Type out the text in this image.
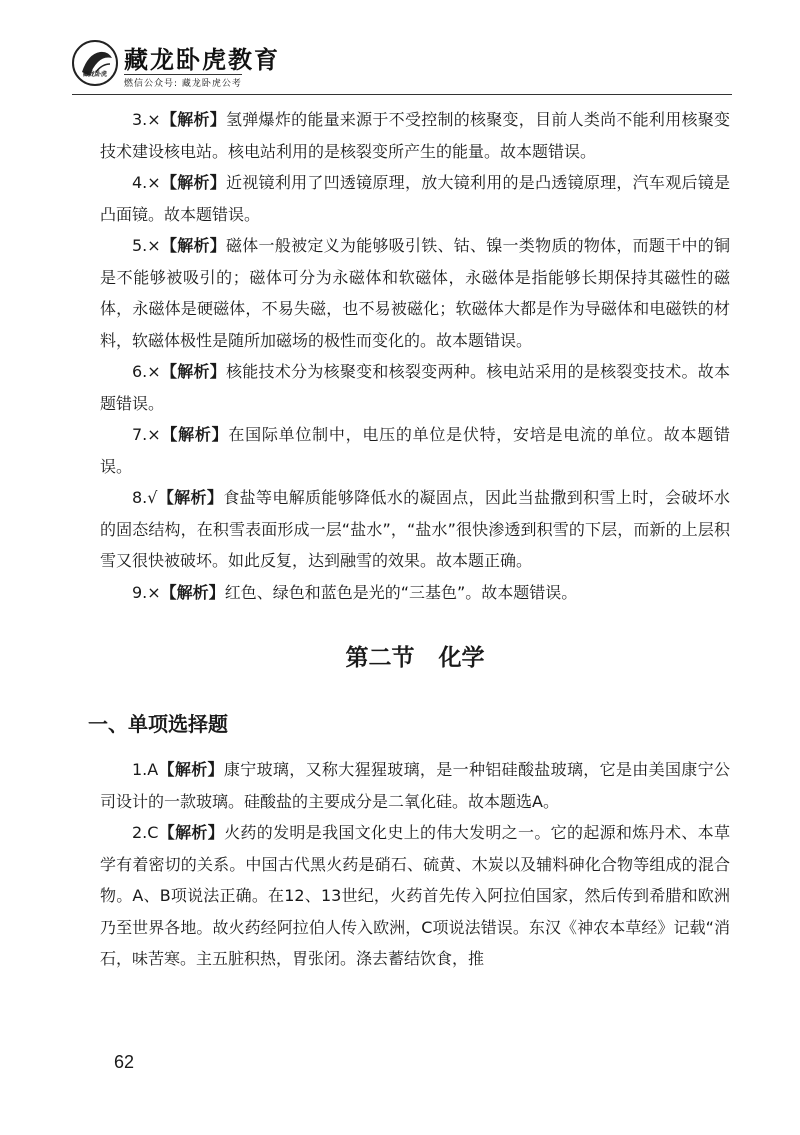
藏龙卧虎
藏龙卧虎教育
燃信公众号: 藏龙卧虎公考

3.×【解析】氢弹爆炸的能量来源于不受控制的核聚变，目前人类尚不能利用核聚变技术建设核电站。核电站利用的是核裂变所产生的能量。故本题错误。

4.×【解析】近视镜利用了凹透镜原理，放大镜利用的是凸透镜原理，汽车观后镜是凸面镜。故本题错误。

5.×【解析】磁体一般被定义为能够吸引铁、钴、镍一类物质的物体，而题干中的铜是不能够被吸引的；磁体可分为永磁体和软磁体，永磁体是指能够长期保持其磁性的磁体，永磁体是硬磁体，不易失磁，也不易被磁化；软磁体大都是作为导磁体和电磁铁的材料，软磁体极性是随所加磁场的极性而变化的。故本题错误。

6.×【解析】核能技术分为核聚变和核裂变两种。核电站采用的是核裂变技术。故本题错误。

7.×【解析】在国际单位制中，电压的单位是伏特，安培是电流的单位。故本题错误。

8.√【解析】食盐等电解质能够降低水的凝固点，因此当盐撒到积雪上时，会破坏水的固态结构，在积雪表面形成一层“盐水”，“盐水”很快渗透到积雪的下层，而新的上层积雪又很快被破坏。如此反复，达到融雪的效果。故本题正确。

9.×【解析】红色、绿色和蓝色是光的“三基色”。故本题错误。

第二节 化学
一、单项选择题

1.A【解析】康宁玻璃，又称大猩猩玻璃，是一种铝硅酸盐玻璃，它是由美国康宁公司设计的一款玻璃。硅酸盐的主要成分是二氧化硅。故本题选A。

2.C【解析】火药的发明是我国文化史上的伟大发明之一。它的起源和炼丹术、本草学有着密切的关系。中国古代黑火药是硝石、硫黄、木炭以及辅料砷化合物等组成的混合物。A、B项说法正确。在12、13世纪，火药首先传入阿拉伯国家，然后传到希腊和欧洲乃至世界各地。故火药经阿拉伯人传入欧洲，C项说法错误。东汉《神农本草经》记载“消石，味苦寒。主五脏积热，胃张闭。涤去蓄结饮食，推

62
